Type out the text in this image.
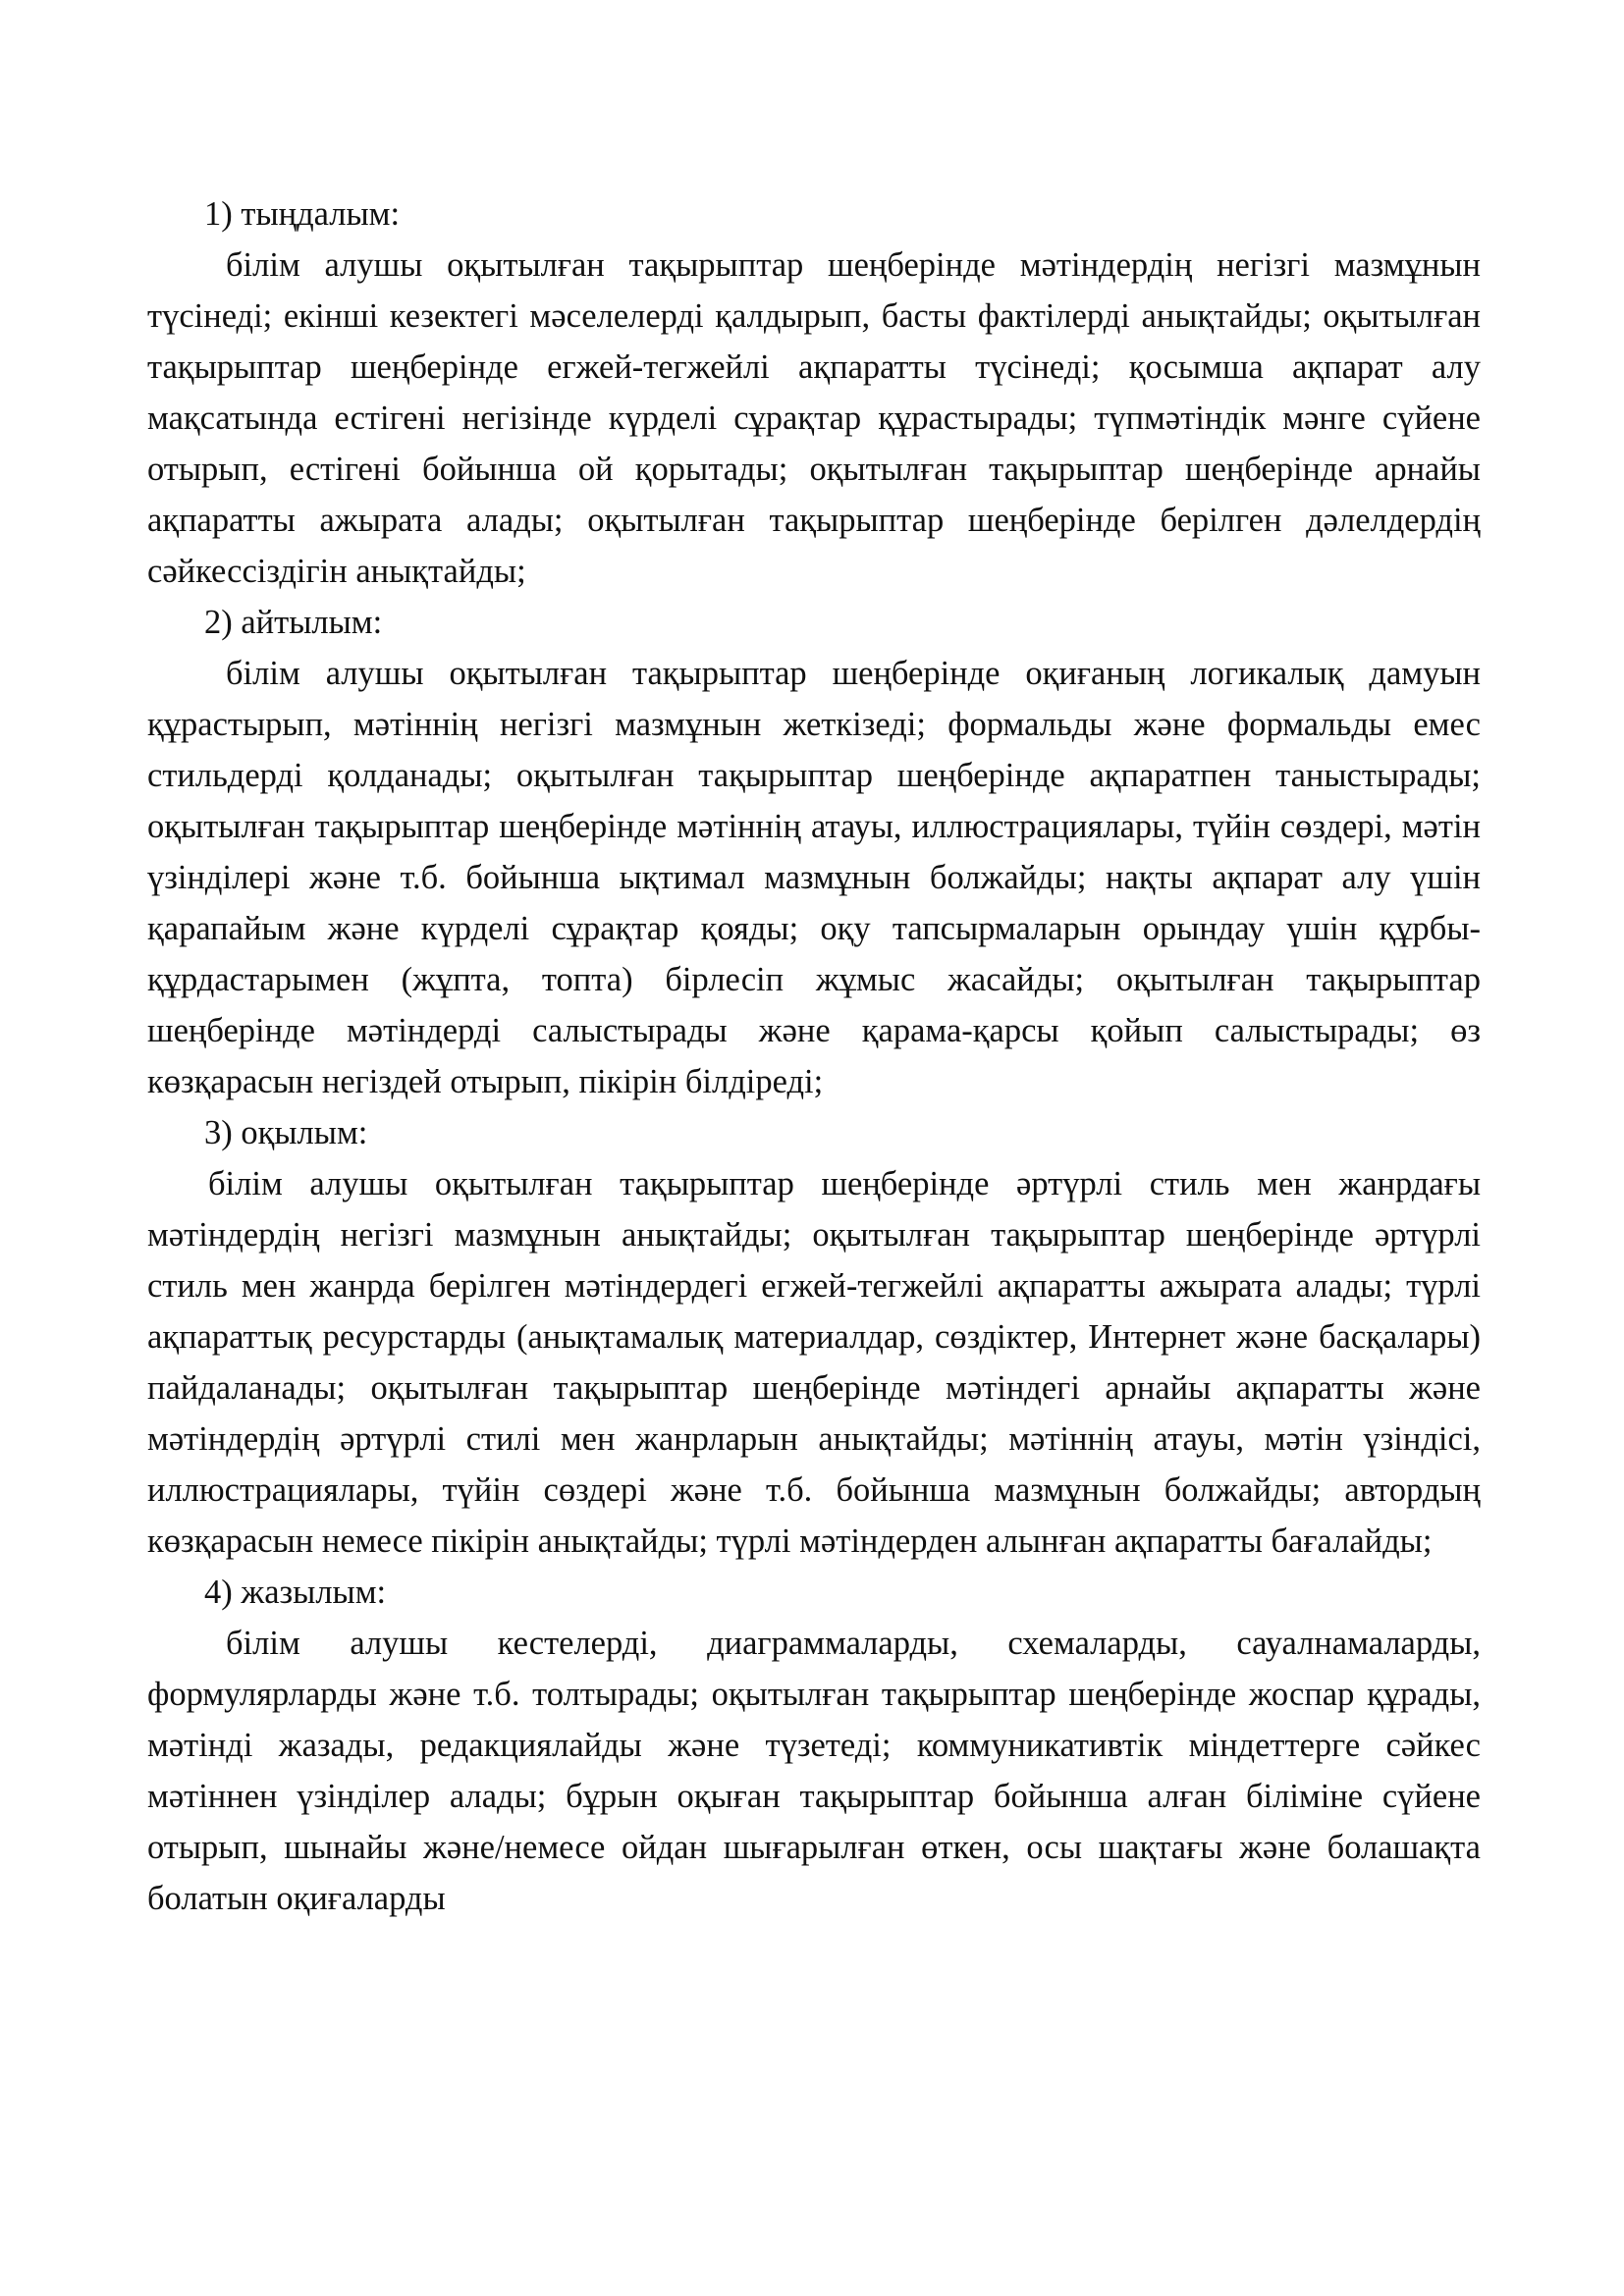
1) тыңдалым:

білім алушы оқытылған тақырыптар шеңберінде мәтіндердің негізгі мазмұнын түсінеді; екінші кезектегі мәселелерді қалдырып, басты фактілерді анықтайды; оқытылған тақырыптар шеңберінде егжей-тегжейлі ақпаратты түсінеді; қосымша ақпарат алу мақсатында естігені негізінде күрделі сұрақтар құрастырады; түпмәтіндік мәнге сүйене отырып, естігені бойынша ой қорытады; оқытылған тақырыптар шеңберінде арнайы ақпаратты ажырата алады; оқытылған тақырыптар шеңберінде берілген дәлелдердің сәйкессіздігін анықтайды;

2) айтылым:

білім алушы оқытылған тақырыптар шеңберінде оқиғаның логикалық дамуын құрастырып, мәтіннің негізгі мазмұнын жеткізеді; формальды және формальды емес стильдерді қолданады; оқытылған тақырыптар шеңберінде ақпаратпен таныстырады; оқытылған тақырыптар шеңберінде мәтіннің атауы, иллюстрациялары, түйін сөздері, мәтін үзінділері және т.б. бойынша ықтимал мазмұнын болжайды; нақты ақпарат алу үшін қарапайым және күрделі сұрақтар қояды; оқу тапсырмаларын орындау үшін құрбы-құрдастарымен (жұпта, топта) бірлесіп жұмыс жасайды; оқытылған тақырыптар шеңберінде мәтіндерді салыстырады және қарама-қарсы қойып салыстырады; өз көзқарасын негіздей отырып, пікірін білдіреді;

3) оқылым:

білім алушы оқытылған тақырыптар шеңберінде әртүрлі стиль мен жанрдағы мәтіндердің негізгі мазмұнын анықтайды; оқытылған тақырыптар шеңберінде әртүрлі стиль мен жанрда берілген мәтіндердегі егжей-тегжейлі ақпаратты ажырата алады; түрлі ақпараттық ресурстарды (анықтамалық материалдар, сөздіктер, Интернет және басқалары) пайдаланады; оқытылған тақырыптар шеңберінде мәтіндегі арнайы ақпаратты және мәтіндердің әртүрлі стилі мен жанрларын анықтайды; мәтіннің атауы, мәтін үзіндісі, иллюстрациялары, түйін сөздері және т.б. бойынша мазмұнын болжайды; автордың көзқарасын немесе пікірін анықтайды; түрлі мәтіндерден алынған ақпаратты бағалайды;

4) жазылым:

білім алушы кестелерді, диаграммаларды, схемаларды, сауалнамаларды, формулярларды және т.б. толтырады; оқытылған тақырыптар шеңберінде жоспар құрады, мәтінді жазады, редакциялайды және түзетеді; коммуникативтік міндеттерге сәйкес мәтіннен үзінділер алады; бұрын оқыған тақырыптар бойынша алған біліміне сүйене отырып, шынайы және/немесе ойдан шығарылған өткен, осы шақтағы және болашақта болатын оқиғаларды
